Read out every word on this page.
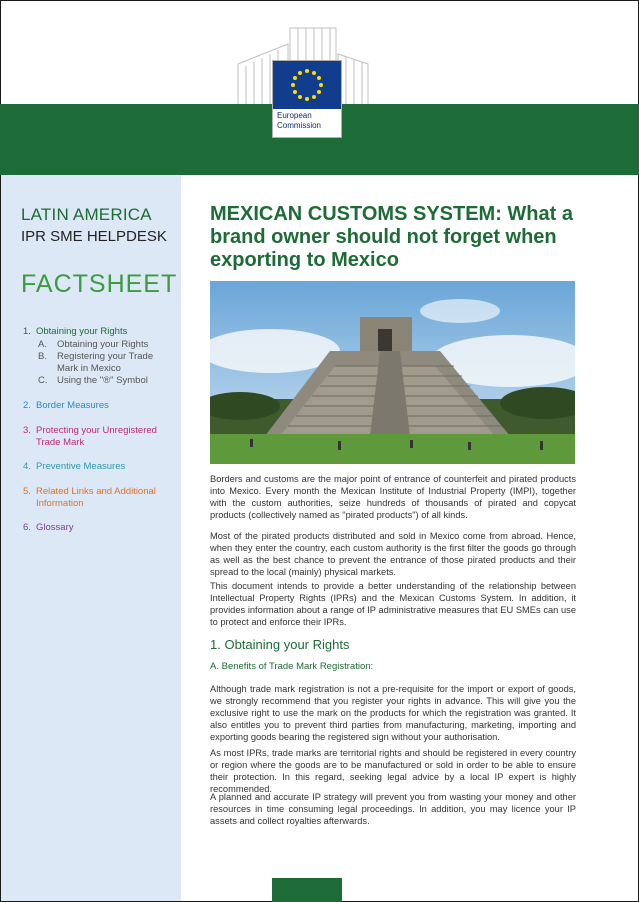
European
Commission
LATIN AMERICA
IPR SME HELPDESK
FACTSHEET
1. Obtaining your Rights
A. Obtaining your Rights
B.	Registering your Trade Mark in Mexico
C. Using the "®" Symbol
2. Border Measures
3. Protecting your Unregistered Trade Mark
4. Preventive Measures
5. Related Links and Additional Information
6. Glossary
MEXICAN CUSTOMS SYSTEM: What a brand owner should not forget when exporting to Mexico
Borders and customs are the major point of entrance of counterfeit and pirated products into Mexico. Every month the Mexican Institute of Industrial Property (IMPI), together with the custom authorities, seize hundreds of thousands of pirated and copycat products (collectively named as "pirated products") of all kinds.
Most of the pirated products distributed and sold in Mexico come from abroad. Hence, when they enter the country, each custom authority is the first filter the goods go through as well as the best chance to prevent the entrance of those pirated products and their spread to the local (mainly) physical markets.
This document intends to provide a better understanding of the relationship between Intellectual Property Rights (IPRs) and the Mexican Customs System. In addition, it provides information about a range of IP administrative measures that EU SMEs can use to protect and enforce their IPRs.
1. Obtaining your Rights
A. Benefits of Trade Mark Registration:
Although trade mark registration is not a pre-requisite for the import or export of goods, we strongly recommend that you register your rights in advance. This will give you the exclusive right to use the mark on the products for which the registration was granted. It also entitles you to prevent third parties from manufacturing, marketing, importing and exporting goods bearing the registered sign without your authorisation.
As most IPRs, trade marks are territorial rights and should be registered in every country or region where the goods are to be manufactured or sold in order to be able to ensure their protection. In this regard, seeking legal advice by a local IP expert is highly recommended.
A planned and accurate IP strategy will prevent you from wasting your money and other resources in time consuming legal proceedings. In addition, you may licence your IP assets and collect royalties afterwards.
